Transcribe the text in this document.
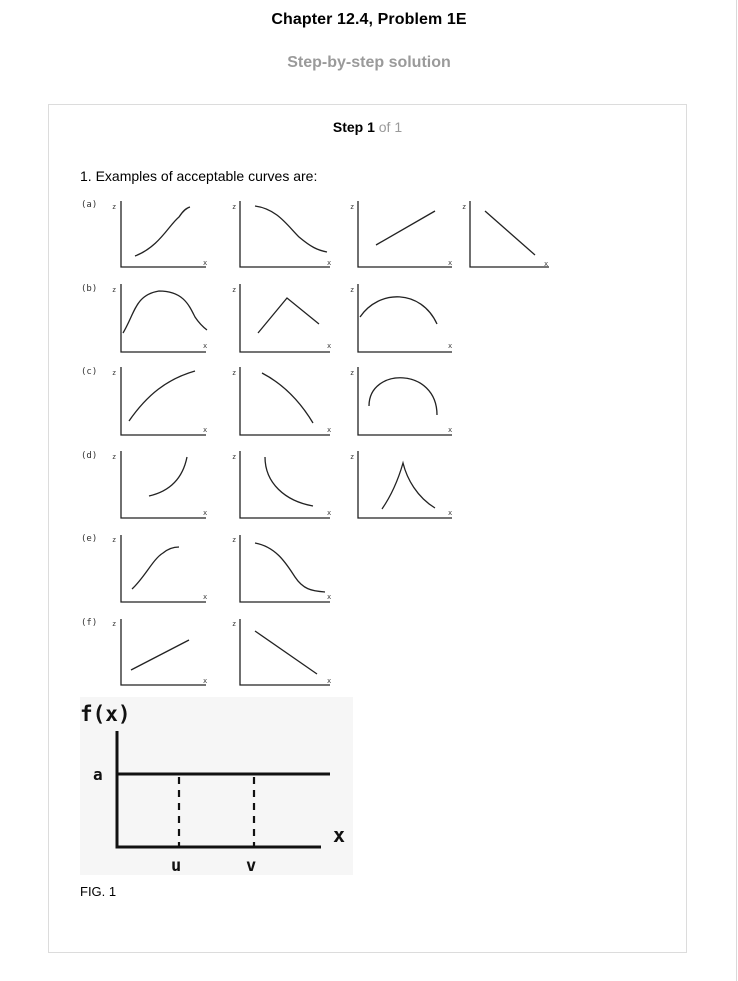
Chapter 12.4, Problem 1E
Step-by-step solution
Step 1 of 1
1. Examples of acceptable curves are:
(a) z
x
z
x
z
x
z
x
(b) z
x
z
x
z
x
(c) z
x
z
x
z
x
(d) z
x
z
x
z
x
(e) z
x
z
x
(f) z
x
z
x
f(x)
a
x
u	v
FIG. 1
